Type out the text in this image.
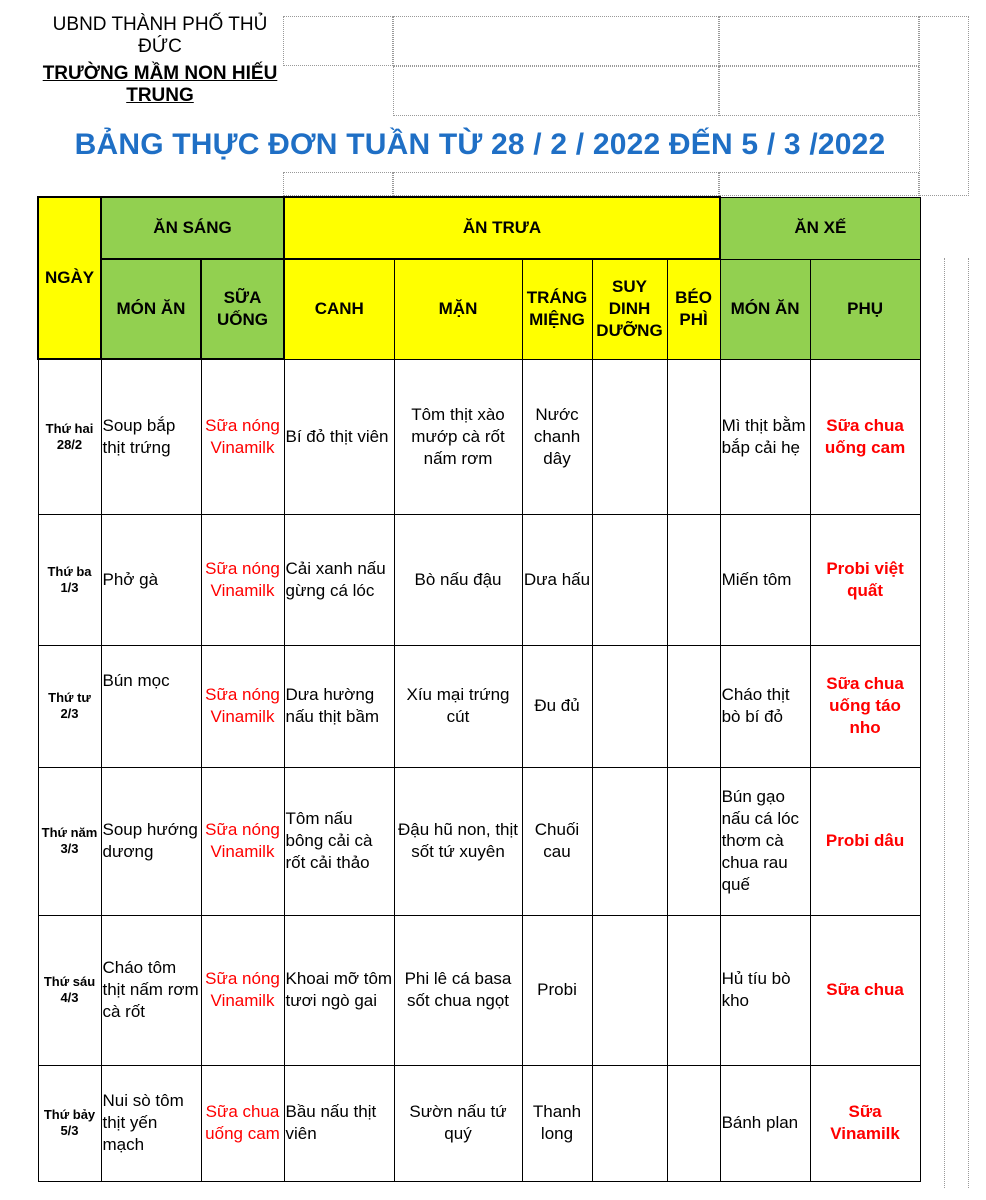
UBND THÀNH PHỐ THỦ ĐỨC
TRƯỜNG MẦM NON HIẾU TRUNG
BẢNG THỰC ĐƠN TUẦN TỪ 28 / 2 / 2022 ĐẾN 5 / 3 /2022
NGÀY	ĂN SÁNG		ĂN TRƯA					ĂN XẾ	
	MÓN ĂN	SỮA UỐNG	CANH	MẶN	TRÁNG MIỆNG	SUY DINH DƯỠNG	BÉO PHÌ	MÓN ĂN	PHỤ
Thứ hai 28/2	Soup bắp thịt trứng	Sữa nóng Vinamilk	Bí đỏ thịt viên	Tôm thịt xào mướp cà rốt nấm rơm	Nước chanh dây			Mì thịt bằm bắp cải hẹ	Sữa chua uống cam
Thứ ba 1/3	Phở gà	Sữa nóng Vinamilk	Cải xanh nấu gừng cá lóc	Bò nấu đậu	Dưa hấu			Miến tôm	Probi việt quất
Thứ tư 2/3	Bún mọc	Sữa nóng Vinamilk	Dưa hường nấu thịt bầm	Xíu mại trứng cút	Đu đủ			Cháo thịt bò bí đỏ	Sữa chua uống táo nho
Thứ năm 3/3	Soup hướng dương	Sữa nóng Vinamilk	Tôm nấu bông cải cà rốt cải thảo	Đậu hũ non, thịt sốt tứ xuyên	Chuối cau			Bún gạo nấu cá lóc thơm cà chua rau quế	Probi dâu
Thứ sáu 4/3	Cháo tôm thịt nấm rơm cà rốt	Sữa nóng Vinamilk	Khoai mỡ tôm tươi ngò gai	Phi lê cá basa sốt chua ngọt	Probi			Hủ tíu bò kho	Sữa chua
Thứ bảy 5/3	Nui sò tôm thịt yến mạch	Sữa chua uống cam	Bầu nấu thịt viên	Sườn nấu tứ quý	Thanh long			Bánh plan	Sữa Vinamilk
